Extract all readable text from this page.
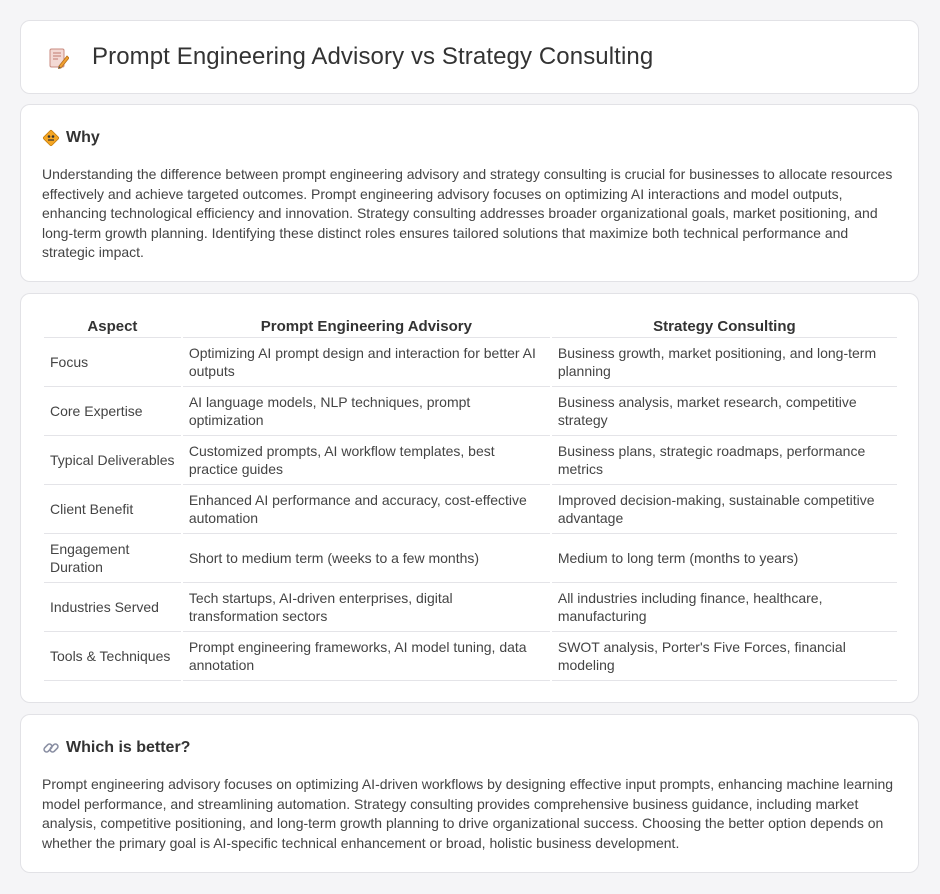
Prompt Engineering Advisory vs Strategy Consulting
Why

Understanding the difference between prompt engineering advisory and strategy consulting is crucial for businesses to allocate resources effectively and achieve targeted outcomes. Prompt engineering advisory focuses on optimizing AI interactions and model outputs, enhancing technological efficiency and innovation. Strategy consulting addresses broader organizational goals, market positioning, and long-term growth planning. Identifying these distinct roles ensures tailored solutions that maximize both technical performance and strategic impact.

Aspect	Prompt Engineering Advisory	Strategy Consulting
Focus	Optimizing AI prompt design and interaction for better AI outputs	Business growth, market positioning, and long-term planning
Core Expertise	AI language models, NLP techniques, prompt optimization	Business analysis, market research, competitive strategy
Typical Deliverables	Customized prompts, AI workflow templates, best practice guides	Business plans, strategic roadmaps, performance metrics
Client Benefit	Enhanced AI performance and accuracy, cost-effective automation	Improved decision-making, sustainable competitive advantage
Engagement Duration	Short to medium term (weeks to a few months)	Medium to long term (months to years)
Industries Served	Tech startups, AI-driven enterprises, digital transformation sectors	All industries including finance, healthcare, manufacturing
Tools & Techniques	Prompt engineering frameworks, AI model tuning, data annotation	SWOT analysis, Porter's Five Forces, financial modeling
Which is better?

Prompt engineering advisory focuses on optimizing AI-driven workflows by designing effective input prompts, enhancing machine learning model performance, and streamlining automation. Strategy consulting provides comprehensive business guidance, including market analysis, competitive positioning, and long-term growth planning to drive organizational success. Choosing the better option depends on whether the primary goal is AI-specific technical enhancement or broad, holistic business development.
